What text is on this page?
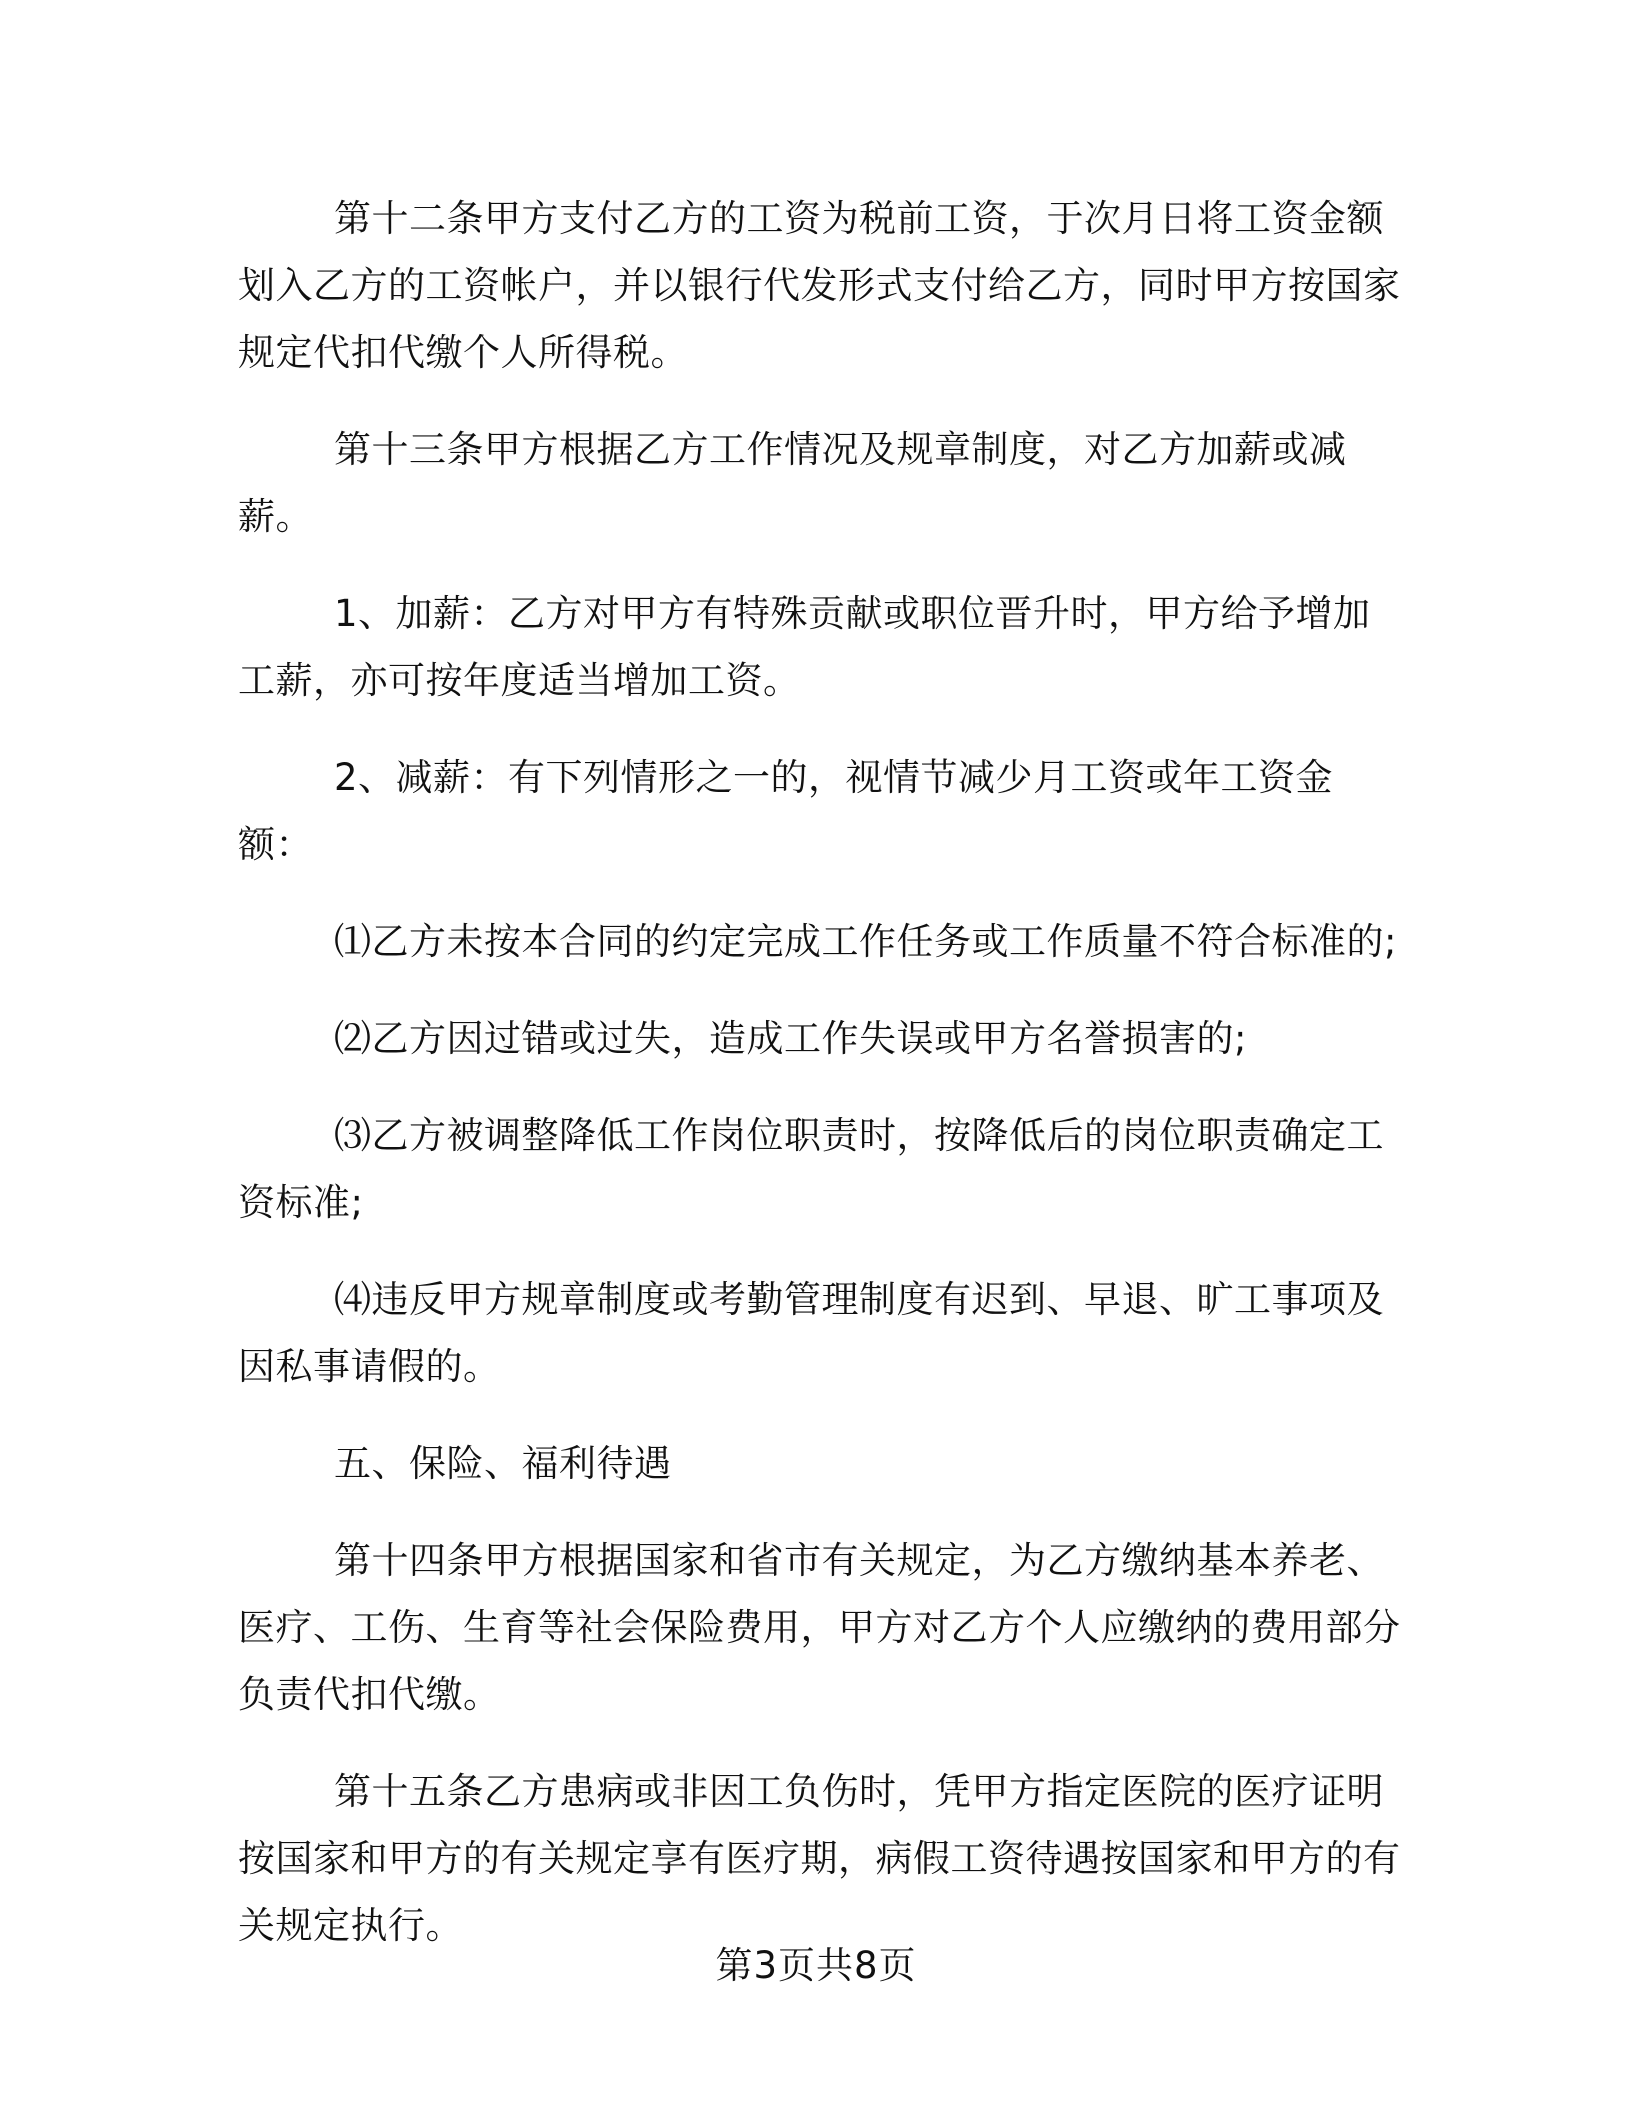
第十二条甲方支付乙方的工资为税前工资，于次月日将工资金额划入乙方的工资帐户，并以银行代发形式支付给乙方，同时甲方按国家规定代扣代缴个人所得税。

第十三条甲方根据乙方工作情况及规章制度，对乙方加薪或减薪。

1、加薪：乙方对甲方有特殊贡献或职位晋升时，甲方给予增加工薪，亦可按年度适当增加工资。

2、减薪：有下列情形之一的，视情节减少月工资或年工资金额：

⑴乙方未按本合同的约定完成工作任务或工作质量不符合标准的;

⑵乙方因过错或过失，造成工作失误或甲方名誉损害的;

⑶乙方被调整降低工作岗位职责时，按降低后的岗位职责确定工资标准;

⑷违反甲方规章制度或考勤管理制度有迟到、早退、旷工事项及因私事请假的。

五、保险、福利待遇

第十四条甲方根据国家和省市有关规定，为乙方缴纳基本养老、医疗、工伤、生育等社会保险费用，甲方对乙方个人应缴纳的费用部分负责代扣代缴。

第十五条乙方患病或非因工负伤时，凭甲方指定医院的医疗证明按国家和甲方的有关规定享有医疗期，病假工资待遇按国家和甲方的有关规定执行。

第3页共8页
